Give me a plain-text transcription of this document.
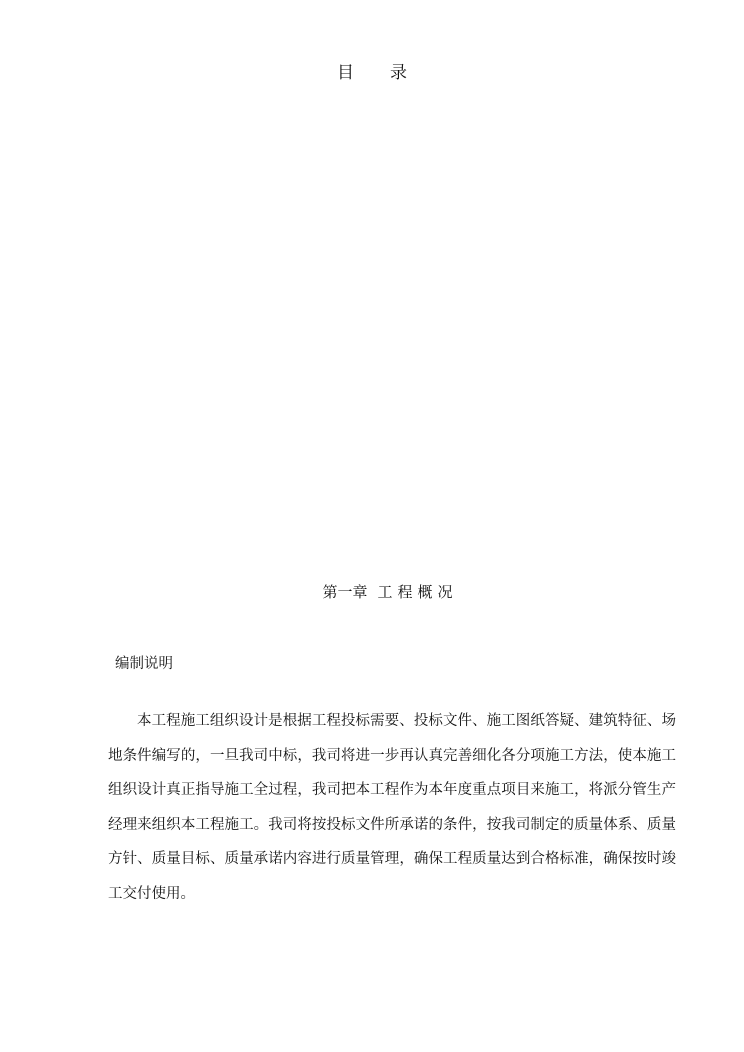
目录
第一章 工程概况
编制说明

本工程施工组织设计是根据工程投标需要、投标文件、施工图纸答疑、建筑特征、场地条件编写的，一旦我司中标，我司将进一步再认真完善细化各分项施工方法，使本施工组织设计真正指导施工全过程，我司把本工程作为本年度重点项目来施工，将派分管生产经理来组织本工程施工。我司将按投标文件所承诺的条件，按我司制定的质量体系、质量方针、质量目标、质量承诺内容进行质量管理，确保工程质量达到合格标准，确保按时竣工交付使用。
